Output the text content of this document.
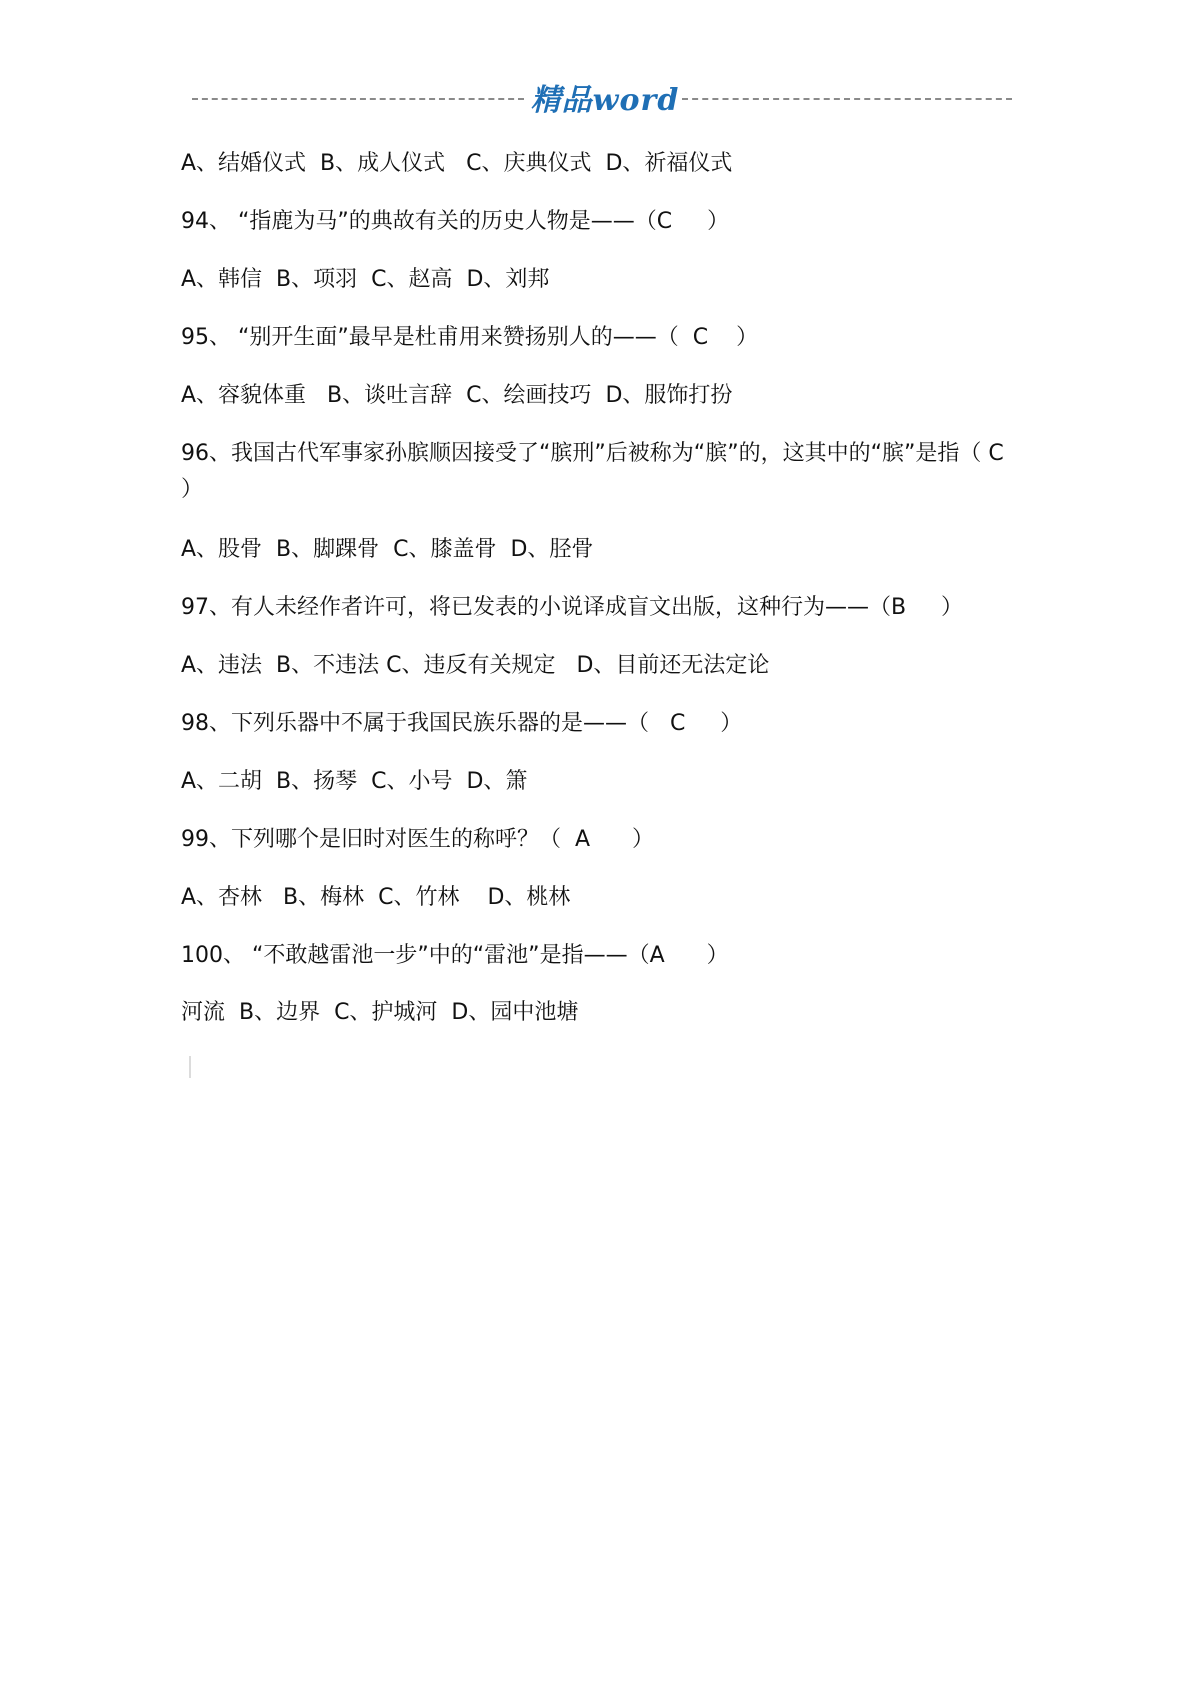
精品word
A、结婚仪式  B、成人仪式   C、庆典仪式  D、祈福仪式
94、 “指鹿为马”的典故有关的历史人物是——（C     ）
A、韩信  B、项羽  C、赵高  D、刘邦
95、 “别开生面”最早是杜甫用来赞扬别人的——（  C    ）
A、容貌体重   B、谈吐言辞  C、绘画技巧  D、服饰打扮
96、我国古代军事家孙膑顺因接受了“膑刑”后被称为“膑”的，这其中的“膑”是指（ C ）
A、股骨  B、脚踝骨  C、膝盖骨  D、胫骨
97、有人未经作者许可，将已发表的小说译成盲文出版，这种行为——（B     ）
A、违法  B、不违法 C、违反有关规定   D、目前还无法定论
98、下列乐器中不属于我国民族乐器的是——（   C     ）
A、二胡  B、扬琴  C、小号  D、箫
99、下列哪个是旧时对医生的称呼？（  A      ）
A、杏林   B、梅林  C、竹林    D、桃林
100、 “不敢越雷池一步”中的“雷池”是指——（A      ）
河流  B、边界  C、护城河  D、园中池塘
